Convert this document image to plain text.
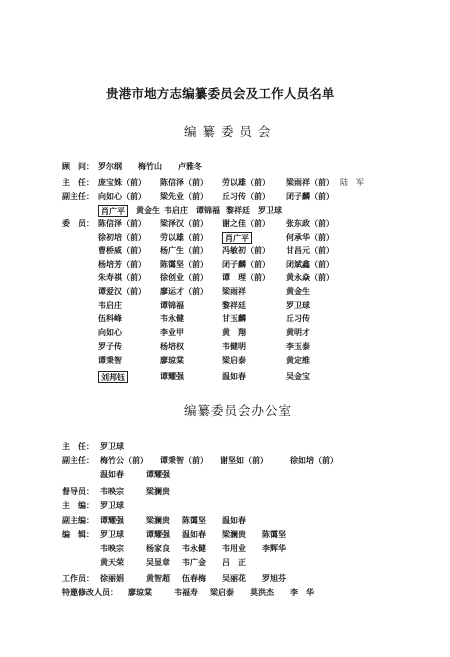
贵港市地方志编纂委员会及工作人员名单
编 纂 委 员 会
顾　问： 罗尔纲 梅竹山 卢雅冬
主　任： 庞宝姝（前） 陈信泽（前） 劳以雄（前） 梁雨祥（前） 陆　军
副主任： 向如心（前） 梁先业（前） 丘习传（前） 闭子麟（前）
肖广平	黄金生 韦启庄 谭锦福 黎祥廷 罗卫球
委　员： 陈信泽（前） 梁泽汉（前） 谢之佳（前） 张东政（前）
徐初培（前） 劳以雄（前）	肖广平	何承华（前）
曹桥威（前） 杨广生（前） 冯敏初（前） 甘昌元（前）
杨培芳（前） 陈霭坚（前） 闭子麟（前） 闭斌鑫（前）
朱寿祺（前） 徐创业（前） 谭　理（前） 黄永焱（前）
谭爱汉（前） 廖运才（前） 梁雨祥	黄金生
韦启庄	谭锦福	黎祥廷	罗卫球
伍科峰	韦永健	甘玉麟	丘习传
向如心	李业甲	黄　翔	黄明才
罗子传	杨培权	韦健明	李玉泰
谭秉智	廖琼棠	梁启泰	黄定维
刘邦钰	谭耀强	温如春	吴金宝
编纂委员会办公室
主　任： 罗卫球
副主任： 梅竹公（前） 谭秉智（前） 谢坚如（前）	徐如培（前）
温如春	谭耀强
督导员： 韦映宗	梁澜贵
主　编： 罗卫球
副主编： 谭耀强	梁澜贵 陈霭坚 温如春
编　辑： 罗卫球	谭耀强 温如春 梁澜贵 陈霭坚
韦映宗	杨家良 韦永健 韦用业 李辉华
黄天荣	吴显章 韦广金 吕　正
工作员： 徐丽娟	黄智超 伍春梅 吴丽花 罗旭芬
特邀修改人员： 廖琼棠	韦福寿 梁启泰 莫洪杰 李　华
